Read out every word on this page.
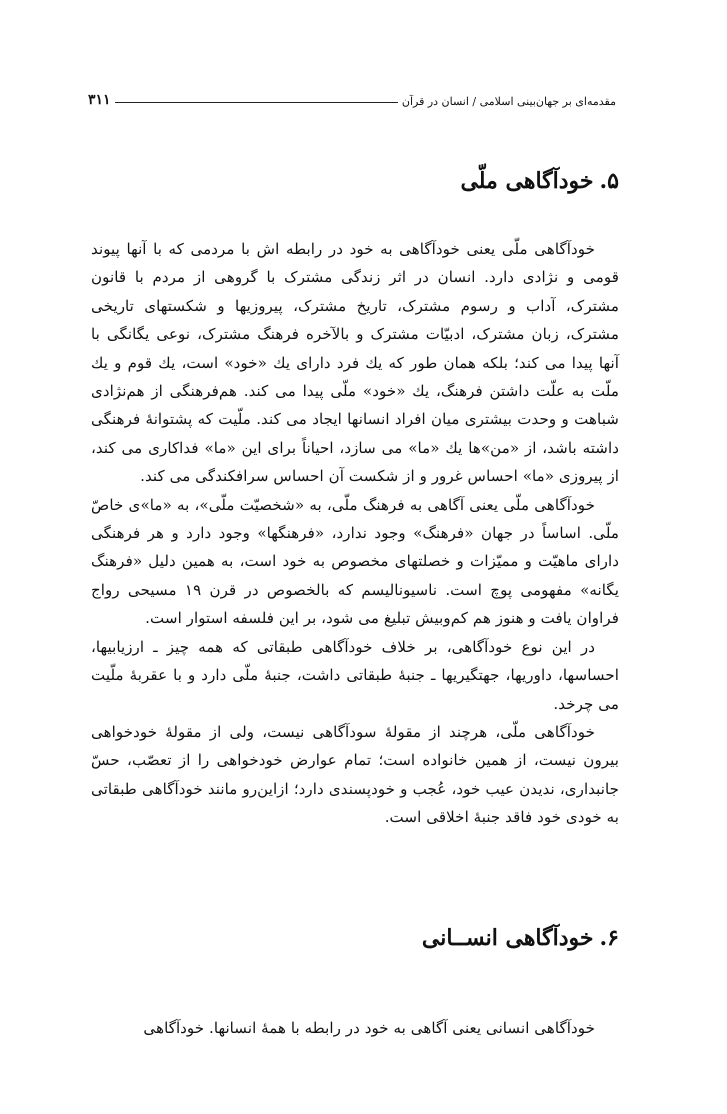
مقدمه‌ای بر جهان‌بینی اسلامی / انسان در قرآن
۳۱۱
۵.خودآگاهی ملّی

خودآگاهی ملّی یعنی خودآگاهی به خود در رابطه اش با مردمی که با آنها پیوند قومی و نژادی دارد. انسان در اثر زندگی مشترک با گروهی از مردم با قانون مشترک، آداب و رسوم مشترک، تاریخ مشترک، پیروزیها و شکستهای تاریخی مشترک، زبان مشترک، ادبیّات مشترک و بالآخره فرهنگ مشترک، نوعی یگانگی با آنها پیدا می کند؛ بلکه همان طور که یك فرد دارای یك «خود» است، یك قوم و یك ملّت به علّت داشتن فرهنگ، یك «خود» ملّی پیدا می کند. هم‌فرهنگی از هم‌نژادی شباهت و وحدت بیشتری میان افراد انسانها ایجاد می کند. ملّیت که پشتوانهٔ فرهنگی داشته باشد، از «من»ها یك «ما» می سازد، احیاناً برای این «ما» فداکاری می کند، از پیروزی «ما» احساس غرور و از شکست آن احساس سرافکندگی می کند.

خودآگاهی ملّی یعنی آگاهی به فرهنگ ملّی، به «شخصیّت ملّی»، به «ما»ی خاصّ ملّی. اساساً در جهان «فرهنگ» وجود ندارد، «فرهنگها» وجود دارد و هر فرهنگی دارای ماهیّت و ممیّزات و خصلتهای مخصوص به خود است، به همین دلیل «فرهنگ یگانه» مفهومی پوچ است. ناسیونالیسم که بالخصوص در قرن ۱۹ مسیحی رواج فراوان یافت و هنوز هم کم‌وبیش تبلیغ می شود، بر این فلسفه استوار است.

در این نوع خودآگاهی، بر خلاف خودآگاهی طبقاتی که همه چیز ـ ارزیابیها، احساسها، داوریها، جهتگیریها ـ جنبهٔ طبقاتی داشت، جنبهٔ ملّی دارد و با عقربهٔ ملّیت می چرخد.

خودآگاهی ملّی، هرچند از مقولهٔ سودآگاهی نیست، ولی از مقولهٔ خودخواهی بیرون نیست، از همین خانواده است؛ تمام عوارض خودخواهی را از تعصّب، حسّ جانبداری، ندیدن عیب خود، عُجب و خودپسندی دارد؛ ازاین‌رو مانند خودآگاهی طبقاتی به خودی خود فاقد جنبهٔ اخلاقی است.

۶.خودآگاهی انســانی

خودآگاهی انسانی یعنی آگاهی به خود در رابطه با همهٔ انسانها. خودآگاهی
